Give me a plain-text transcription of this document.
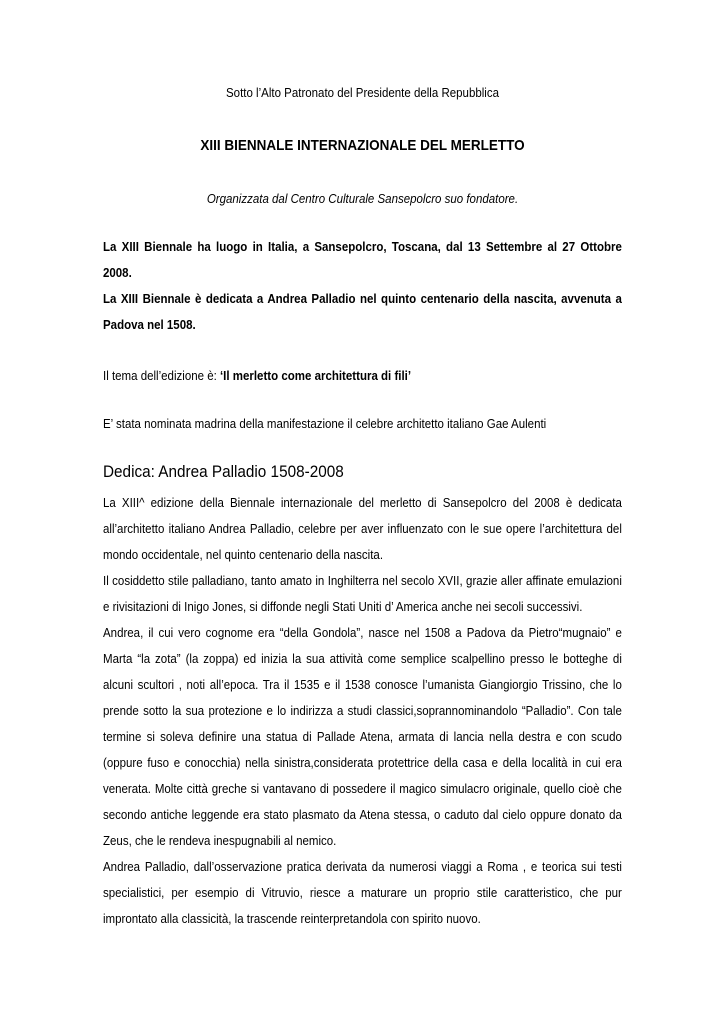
Sotto l’Alto Patronato del Presidente della Repubblica
XIII BIENNALE INTERNAZIONALE DEL MERLETTO
Organizzata dal Centro Culturale Sansepolcro suo fondatore.

La XIII Biennale ha luogo in Italia, a Sansepolcro, Toscana, dal 13 Settembre al 27 Ottobre 2008.

La XIII Biennale è dedicata a Andrea Palladio nel quinto centenario della nascita, avvenuta a Padova nel 1508.

Il tema dell’edizione è: ‘Il merletto come architettura di fili’
E’ stata nominata madrina della manifestazione il celebre architetto italiano Gae Aulenti
Dedica: Andrea Palladio 1508-2008

La XIII^ edizione della Biennale internazionale del merletto di Sansepolcro del 2008 è dedicata all’architetto italiano Andrea Palladio, celebre per aver influenzato con le sue opere l’architettura del mondo occidentale, nel quinto centenario della nascita.

Il cosiddetto stile palladiano, tanto amato in Inghilterra nel secolo XVII, grazie aller affinate emulazioni e rivisitazioni di Inigo Jones, si diffonde negli Stati Uniti d’ America anche nei secoli successivi.

Andrea, il cui vero cognome era “della Gondola”, nasce nel 1508 a Padova da Pietro“mugnaio” e Marta “la zota” (la zoppa) ed inizia la sua attività come semplice scalpellino presso le botteghe di alcuni scultori , noti all’epoca. Tra il 1535 e il 1538 conosce l’umanista Giangiorgio Trissino, che lo prende sotto la sua protezione e lo indirizza a studi classici,soprannominandolo “Palladio”. Con tale termine si soleva definire una statua di Pallade Atena, armata di lancia nella destra e con scudo (oppure fuso e conocchia) nella sinistra,considerata protettrice della casa e della località in cui era venerata. Molte città greche si vantavano di possedere il magico simulacro originale, quello cioè che secondo antiche leggende era stato plasmato da Atena stessa, o caduto dal cielo oppure donato da Zeus, che le rendeva inespugnabili al nemico.

Andrea Palladio, dall’osservazione pratica derivata da numerosi viaggi a Roma , e teorica sui testi specialistici, per esempio di Vitruvio, riesce a maturare un proprio stile caratteristico, che pur improntato alla classicità, la trascende reinterpretandola con spirito nuovo.
